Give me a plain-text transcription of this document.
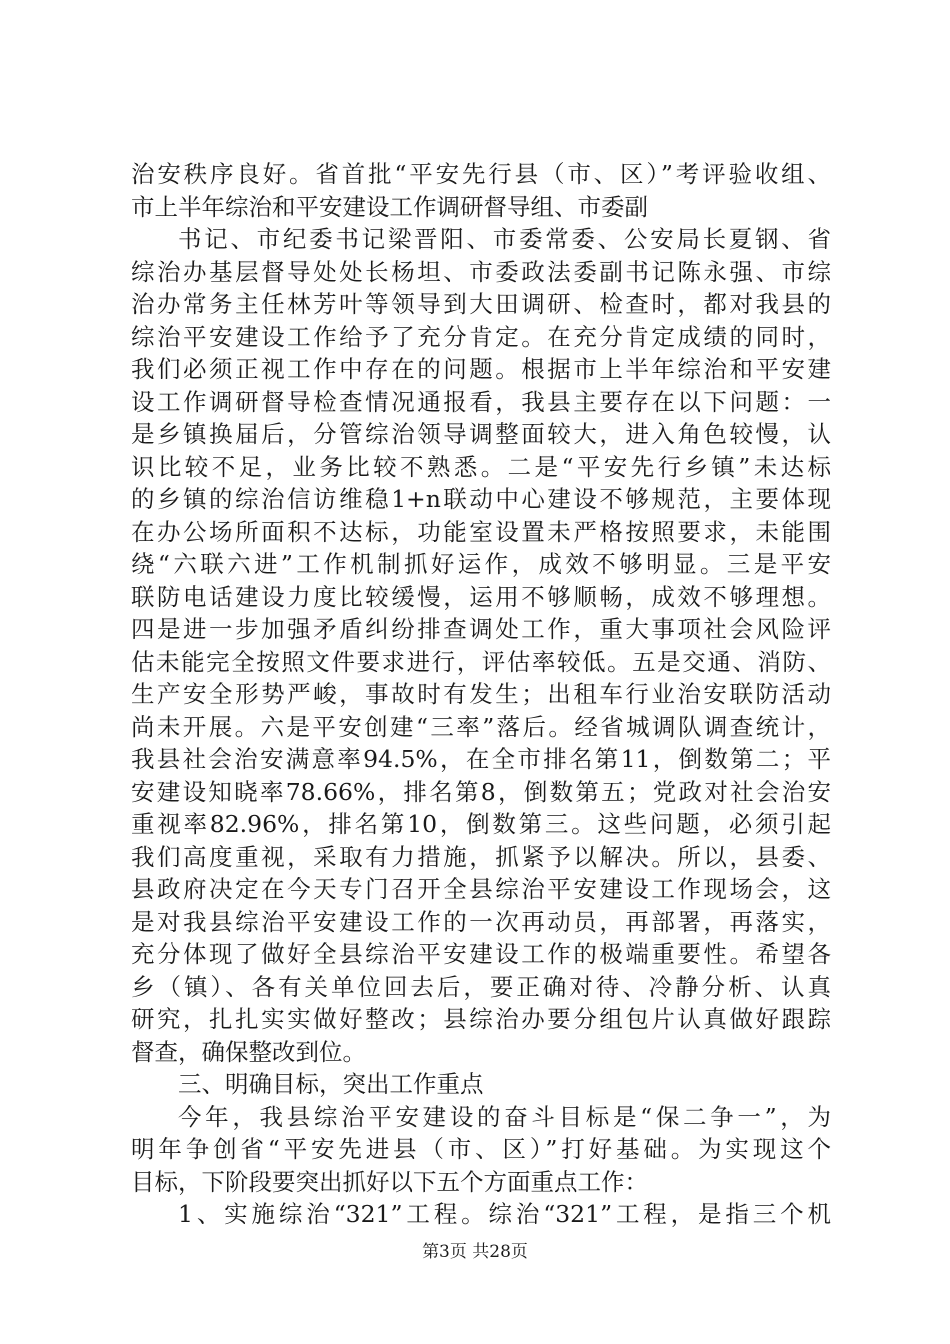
治安秩序良好。省首批“平安先行县（市、区）”考评验收组、
市上半年综治和平安建设工作调研督导组、市委副
书记、市纪委书记梁晋阳、市委常委、公安局长夏钢、省
综治办基层督导处处长杨坦、市委政法委副书记陈永强、市综
治办常务主任林芳叶等领导到大田调研、检查时，都对我县的
综治平安建设工作给予了充分肯定。在充分肯定成绩的同时，
我们必须正视工作中存在的问题。根据市上半年综治和平安建
设工作调研督导检查情况通报看，我县主要存在以下问题：一
是乡镇换届后，分管综治领导调整面较大，进入角色较慢，认
识比较不足，业务比较不熟悉。二是“平安先行乡镇”未达标
的乡镇的综治信访维稳1+n联动中心建设不够规范，主要体现
在办公场所面积不达标，功能室设置未严格按照要求，未能围
绕“六联六进”工作机制抓好运作，成效不够明显。三是平安
联防电话建设力度比较缓慢，运用不够顺畅，成效不够理想。
四是进一步加强矛盾纠纷排查调处工作，重大事项社会风险评
估未能完全按照文件要求进行，评估率较低。五是交通、消防、
生产安全形势严峻，事故时有发生；出租车行业治安联防活动
尚未开展。六是平安创建“三率”落后。经省城调队调查统计，
我县社会治安满意率94.5%，在全市排名第11，倒数第二；平
安建设知晓率78.66%，排名第8，倒数第五；党政对社会治安
重视率82.96%，排名第10，倒数第三。这些问题，必须引起
我们高度重视，采取有力措施，抓紧予以解决。所以，县委、
县政府决定在今天专门召开全县综治平安建设工作现场会，这
是对我县综治平安建设工作的一次再动员，再部署，再落实，
充分体现了做好全县综治平安建设工作的极端重要性。希望各
乡（镇）、各有关单位回去后，要正确对待、冷静分析、认真
研究，扎扎实实做好整改；县综治办要分组包片认真做好跟踪
督查，确保整改到位。
三、明确目标，突出工作重点
今年，我县综治平安建设的奋斗目标是“保二争一”，为
明年争创省“平安先进县（市、区）”打好基础。为实现这个
目标，下阶段要突出抓好以下五个方面重点工作：
1、实施综治“321”工程。综治“321”工程，是指三个机
第3页 共28页
